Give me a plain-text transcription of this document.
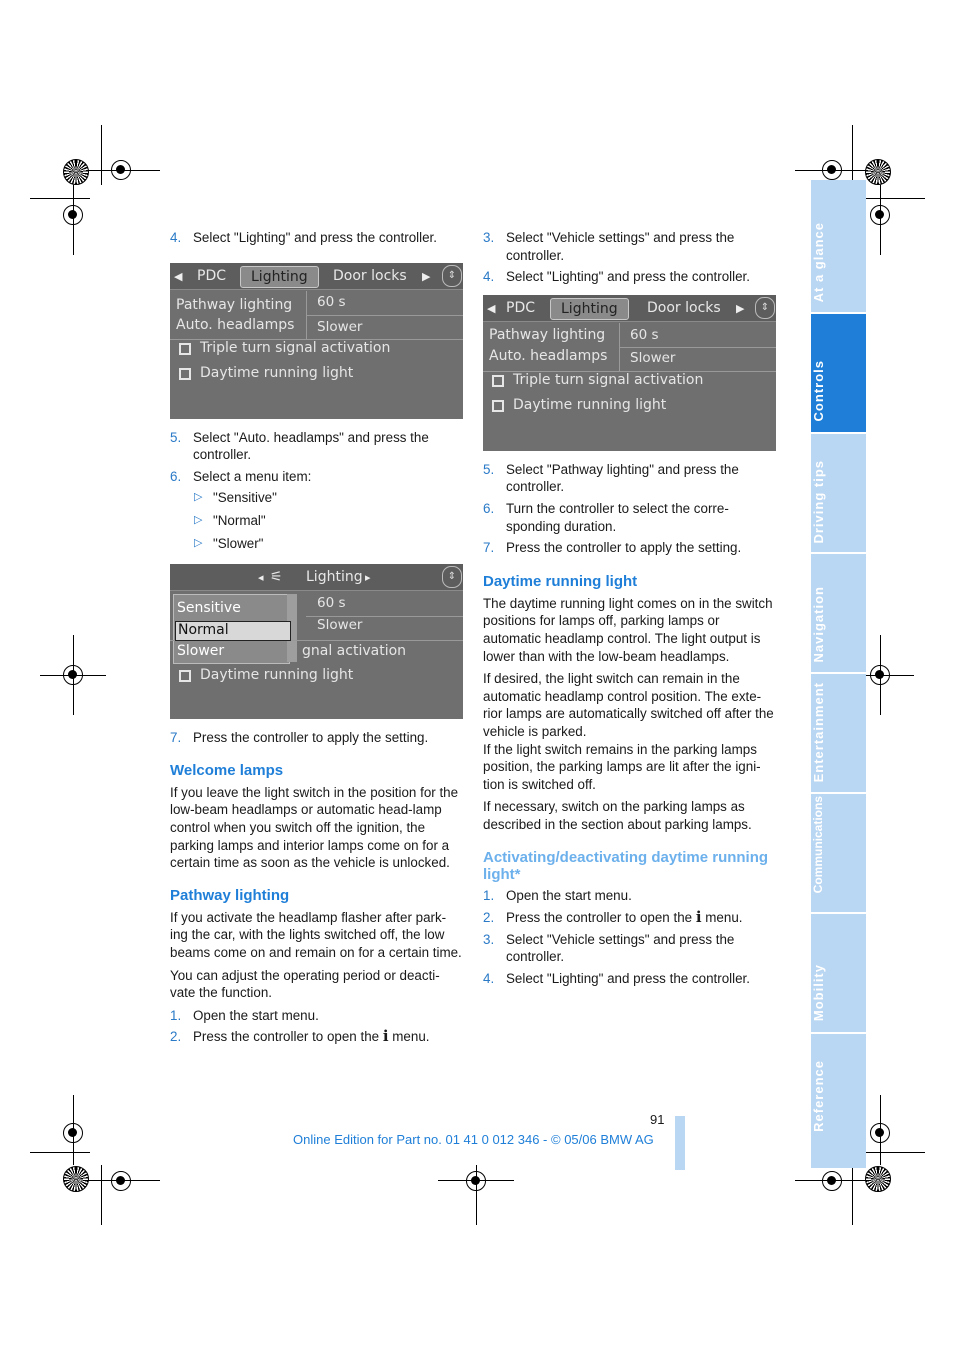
4. Select "Lighting" and press the controller.
◀ PDC	Lighting	Door locks ▶	⇕
Pathway lighting 60 s
Auto. headlamps Slower
Triple turn signal activation
Daytime running light
5. Select "Auto. headlamps" and press the controller.
6. Select a menu item:
▷ "Sensitive"
▷ "Normal"
▷ "Slower"
◂ ⚟ Lighting ▸	⇕
Sensitive
Normal
Slower
60 s
Slower
gnal activation
Daytime running light
7. Press the controller to apply the setting.
Welcome lamps

If you leave the light switch in the position for the low-beam headlamps or automatic head-lamp control when you switch off the ignition, the parking lamps and interior lamps come on for a certain time as soon as the vehicle is unlocked.

Pathway lighting

If you activate the headlamp flasher after park-ing the car, with the lights switched off, the low beams come on and remain on for a certain time.

You can adjust the operating period or deacti-vate the function.

1. Open the start menu.
2. Press the controller to open the i menu.
3. Select "Vehicle settings" and press the controller.
4. Select "Lighting" and press the controller.
◀ PDC	Lighting	Door locks ▶	⇕
Pathway lighting 60 s
Auto. headlamps Slower
Triple turn signal activation
Daytime running light
5. Select "Pathway lighting" and press the controller.
6. Turn the controller to select the corre-sponding duration.
7. Press the controller to apply the setting.
Daytime running light

The daytime running light comes on in the switch positions for lamps off, parking lamps or automatic headlamp control. The light output is lower than with the low-beam headlamps.

If desired, the light switch can remain in the automatic headlamp control position. The exte-rior lamps are automatically switched off after the vehicle is parked.

If the light switch remains in the parking lamps position, the parking lamps are lit after the igni-tion is switched off.

If necessary, switch on the parking lamps as described in the section about parking lamps.

Activating/deactivating daytime running light*
1. Open the start menu.
2. Press the controller to open the i menu.
3. Select "Vehicle settings" and press the controller.
4. Select "Lighting" and press the controller.
At a glance
Controls
Driving tips
Navigation
Entertainment
Communications
Mobility
Reference
91
Online Edition for Part no. 01 41 0 012 346 - © 05/06 BMW AG
